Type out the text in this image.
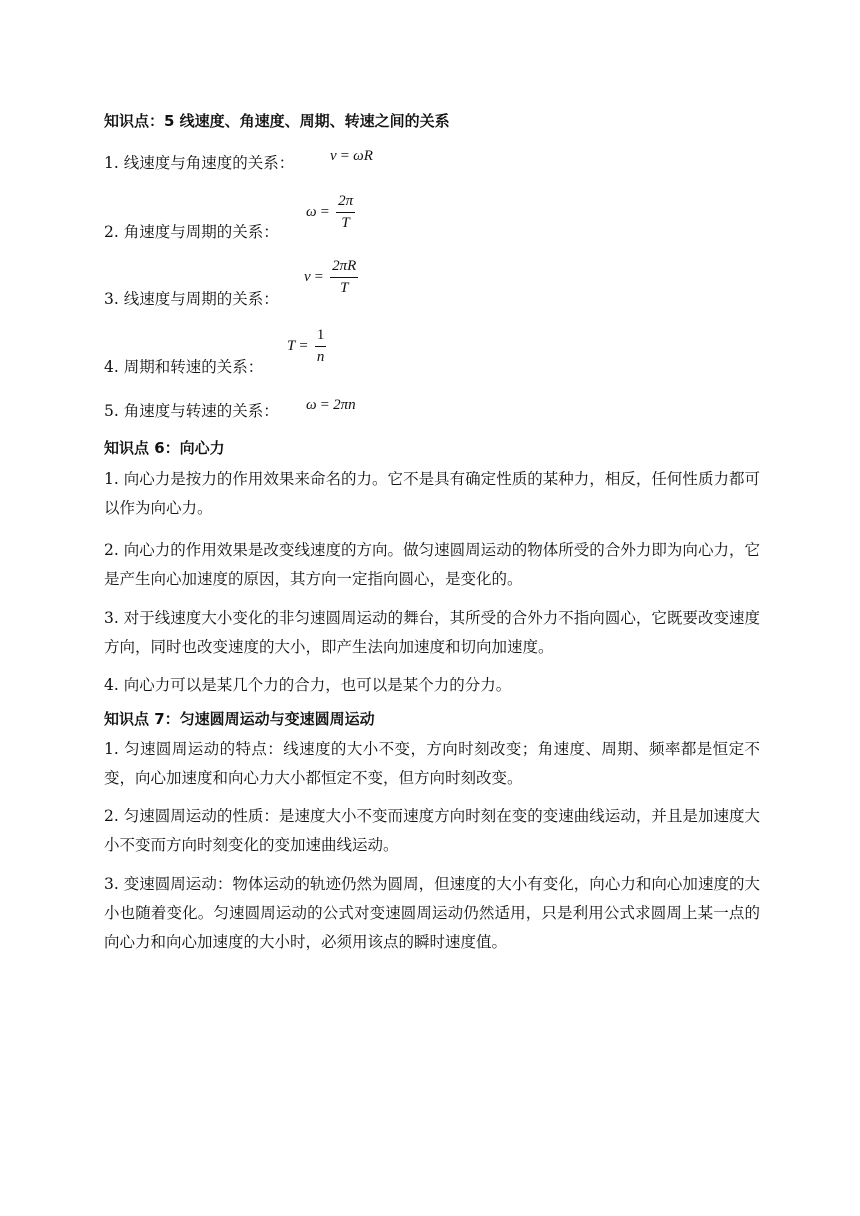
知识点：5 线速度、角速度、周期、转速之间的关系
1. 线速度与角速度的关系： v = ωR
2. 角速度与周期的关系：
$\omega = \frac{2\pi}{T}$
3. 线速度与周期的关系：
$v = \frac{2\pi R}{T}$
4. 周期和转速的关系：
$T = \frac{1}{n}$
5. 角速度与转速的关系： ω = 2πn
知识点 6：向心力
1. 向心力是按力的作用效果来命名的力。它不是具有确定性质的某种力，相反，任何性质力都可以作为向心力。
2. 向心力的作用效果是改变线速度的方向。做匀速圆周运动的物体所受的合外力即为向心力，它是产生向心加速度的原因，其方向一定指向圆心，是变化的。
3. 对于线速度大小变化的非匀速圆周运动的舞台，其所受的合外力不指向圆心，它既要改变速度方向，同时也改变速度的大小，即产生法向加速度和切向加速度。
4. 向心力可以是某几个力的合力，也可以是某个力的分力。
知识点 7：匀速圆周运动与变速圆周运动
1. 匀速圆周运动的特点：线速度的大小不变，方向时刻改变；角速度、周期、频率都是恒定不变，向心加速度和向心力大小都恒定不变，但方向时刻改变。
2. 匀速圆周运动的性质：是速度大小不变而速度方向时刻在变的变速曲线运动，并且是加速度大小不变而方向时刻变化的变加速曲线运动。
3. 变速圆周运动：物体运动的轨迹仍然为圆周，但速度的大小有变化，向心力和向心加速度的大小也随着变化。匀速圆周运动的公式对变速圆周运动仍然适用，只是利用公式求圆周上某一点的向心力和向心加速度的大小时，必须用该点的瞬时速度值。
